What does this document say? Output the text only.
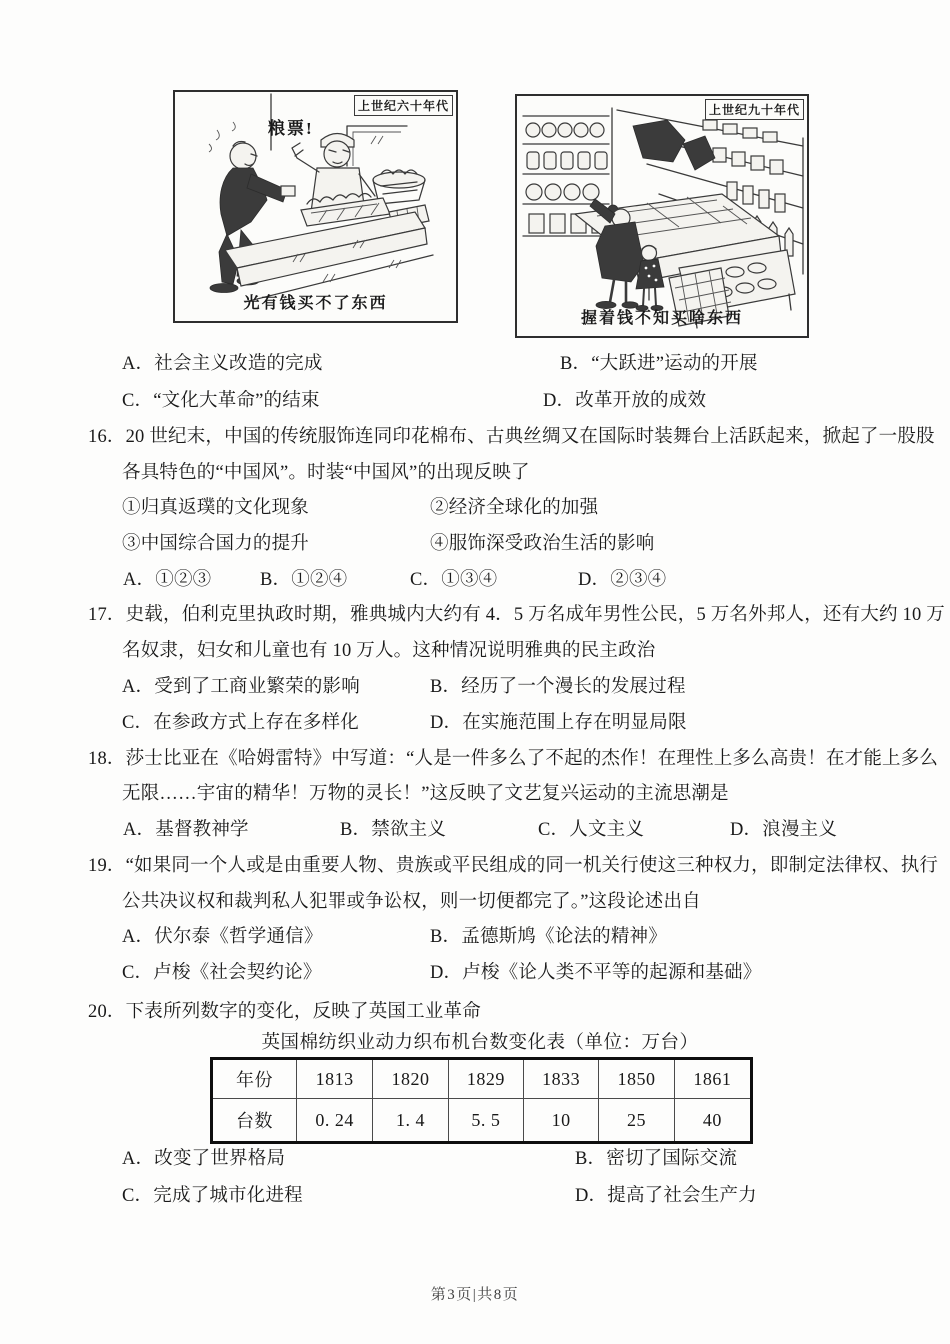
上世纪六十年代
粮票!
光有钱买不了东西
上世纪九十年代
握着钱不知买啥东西
A．社会主义改造的完成	B．“大跃进”运动的开展
C．“文化大革命”的结束	D．改革开放的成效
16．20 世纪末，中国的传统服饰连同印花棉布、古典丝绸又在国际时装舞台上活跃起来，掀起了一股股
各具特色的“中国风”。时装“中国风”的出现反映了
①归真返璞的文化现象	②经济全球化的加强
③中国综合国力的提升	④服饰深受政治生活的影响
A．①②③	B．①②④	C．①③④	D．②③④
17．史载，伯利克里执政时期，雅典城内大约有 4．5 万名成年男性公民，5 万名外邦人，还有大约 10 万
名奴隶，妇女和儿童也有 10 万人。这种情况说明雅典的民主政治
A．受到了工商业繁荣的影响	B．经历了一个漫长的发展过程
C．在参政方式上存在多样化	D．在实施范围上存在明显局限
18．莎士比亚在《哈姆雷特》中写道：“人是一件多么了不起的杰作！在理性上多么高贵！在才能上多么
无限……宇宙的精华！万物的灵长！”这反映了文艺复兴运动的主流思潮是
A．基督教神学	B．禁欲主义	C．人文主义	D．浪漫主义
19．“如果同一个人或是由重要人物、贵族或平民组成的同一机关行使这三种权力，即制定法律权、执行
公共决议权和裁判私人犯罪或争讼权，则一切便都完了。”这段论述出自
A．伏尔泰《哲学通信》	B．孟德斯鸠《论法的精神》
C．卢梭《社会契约论》	D．卢梭《论人类不平等的起源和基础》
20．下表所列数字的变化，反映了英国工业革命
英国棉纺织业动力织布机台数变化表（单位：万台）
年份	1813	1820	1829	1833	1850	1861
台数	0. 24	1. 4	5. 5	10	25	40
A．改变了世界格局	B．密切了国际交流
C．完成了城市化进程	D．提高了社会生产力
第3页|共8页
